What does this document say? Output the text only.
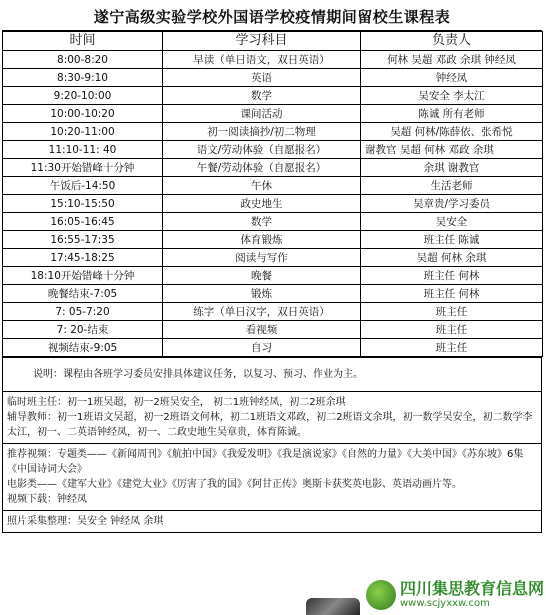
遂宁高级实验学校外国语学校疫情期间留校生课程表
时间	学习科目	负责人
8:00-8:20	早读（单日语文，双日英语）	何林 吴超 邓政 余琪 钟经凤
8:30-9:10	英语	钟经凤
9:20-10:00	数学	吴安全 李太江
10:00-10:20	课间活动	陈诚 所有老师
10:20-11:00	初一阅读摘抄/初二物理	吴超 何林/陈薛依、张希悦
11:10-11: 40	语文/劳动体验（自愿报名）	谢教官 吴超 何林 邓政 余琪
11:30开始错峰十分钟	午餐/劳动体验（自愿报名）	余琪 谢教官
午饭后-14:50	午休	生活老师
15:10-15:50	政史地生	吴章贵/学习委员
16:05-16:45	数学	吴安全
16:55-17:35	体育锻炼	班主任 陈诚
17:45-18:25	阅读与写作	吴超 何林 余琪
18:10开始错峰十分钟	晚餐	班主任 何林
晚餐结束-7:05	锻炼	班主任 何林
7: 05-7:20	练字（单日汉字，双日英语）	班主任
7: 20-结束	看视频	班主任
视频结束-9:05	自习	班主任
说明：课程由各班学习委员安排具体建议任务，以复习、预习、作业为主。

临时班主任：初一1班吴超，初一2班吴安全， 初二1班钟经凤，初二2班余琪

辅导教师：初一1班语文吴超，初一2班语文何林，初二1班语文邓政，初二2班语文余琪，初一数学吴安全，初二数学李太江，初一、二英语钟经凤，初一、二政史地生吴章贵，体育陈诚。

推荐视频：专题类——《新闻周刊》《航拍中国》《我爱发明》《我是演说家》《自然的力量》《大美中国》《苏东坡》6集 《中国诗词大会》

电影类——《建军大业》《建党大业》《厉害了我的国》《阿甘正传》奥斯卡获奖英电影、英语动画片等。

视频下载：钟经凤

照片采集整理：吴安全 钟经凤 余琪
四川集思教育信息网
www.scjyxxw.com
